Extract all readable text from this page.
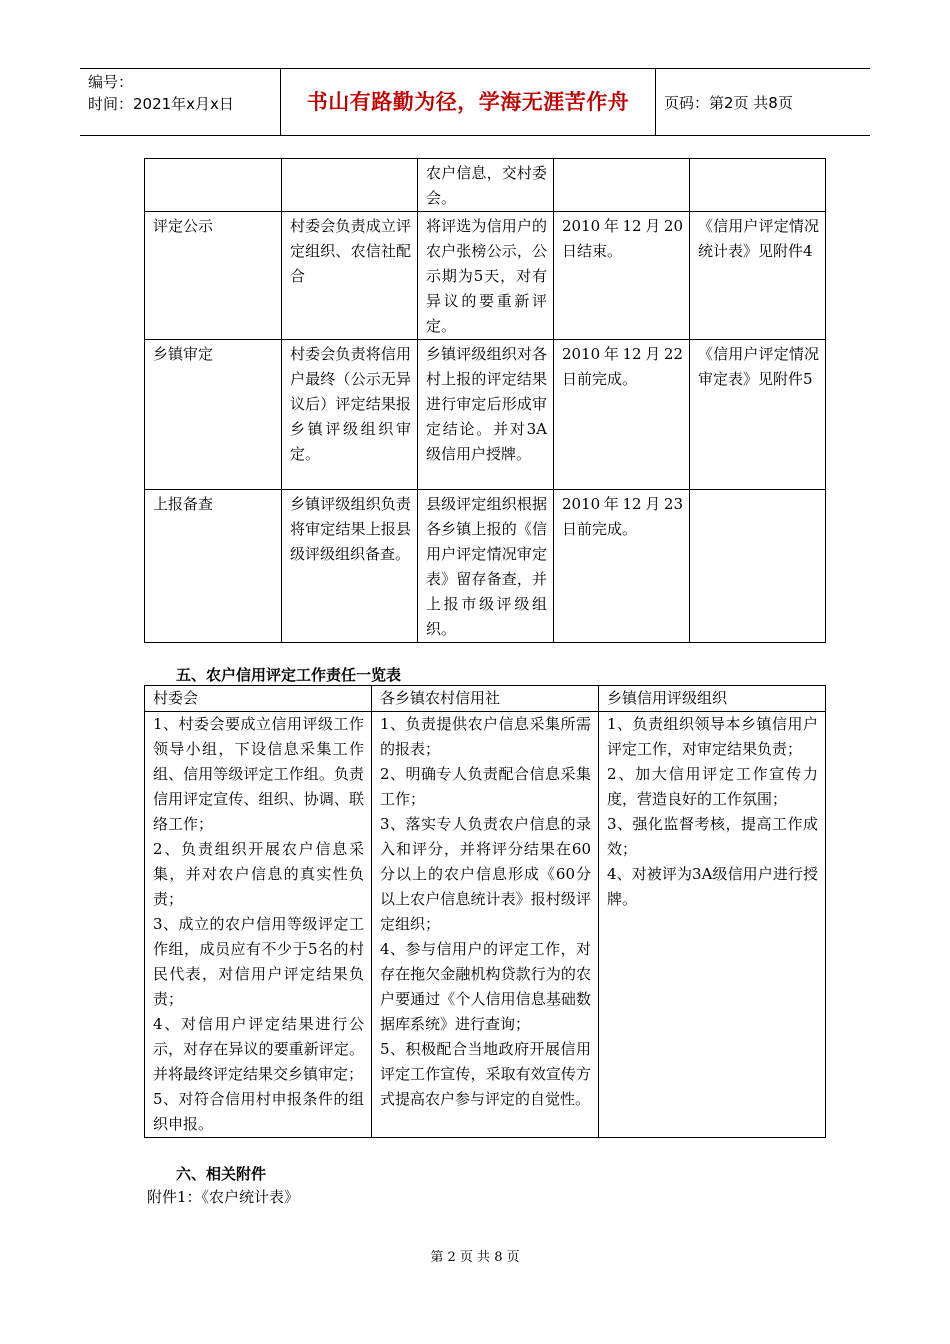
编号：
时间：2021年x月x日	书山有路勤为径，学海无涯苦作舟	页码：第2页 共8页
		农户信息，交村委会。		
评定公示	村委会负责成立评定组织、农信社配合	将评选为信用户的农户张榜公示，公示期为5天，对有异议的要重新评定。	2010年12月20日结束。	《信用户评定情况统计表》见附件4
乡镇审定	村委会负责将信用户最终（公示无异议后）评定结果报乡镇评级组织审定。	乡镇评级组织对各村上报的评定结果进行审定后形成审定结论。并对3A级信用户授牌。	2010年12月22日前完成。	《信用户评定情况审定表》见附件5
上报备查	乡镇评级组织负责将审定结果上报县级评级组织备查。	县级评定组织根据各乡镇上报的《信用户评定情况审定表》留存备查，并上报市级评级组织。	2010年12月23日前完成。	
五、农户信用评定工作责任一览表
村委会	各乡镇农村信用社	乡镇信用评级组织

1、村委会要成立信用评级工作领导小组，下设信息采集工作组、信用等级评定工作组。负责信用评定宣传、组织、协调、联络工作；
2、负责组织开展农户信息采集，并对农户信息的真实性负责；
3、成立的农户信用等级评定工作组，成员应有不少于5名的村民代表，对信用户评定结果负责；
4、对信用户评定结果进行公示，对存在异议的要重新评定。并将最终评定结果交乡镇审定；
5、对符合信用村申报条件的组织申报。	1、负责提供农户信息采集所需的报表；
2、明确专人负责配合信息采集工作；
3、落实专人负责农户信息的录入和评分，并将评分结果在60分以上的农户信息形成《60分以上农户信息统计表》报村级评定组织；
4、参与信用户的评定工作，对存在拖欠金融机构贷款行为的农户要通过《个人信用信息基础数据库系统》进行查询；
5、积极配合当地政府开展信用评定工作宣传，采取有效宣传方式提高农户参与评定的自觉性。	1、负责组织领导本乡镇信用户评定工作，对审定结果负责；
2、加大信用评定工作宣传力度，营造良好的工作氛围；
3、强化监督考核，提高工作成效；
4、对被评为3A级信用户进行授牌。
六、相关附件
附件1：《农户统计表》
第 2 页 共 8 页
